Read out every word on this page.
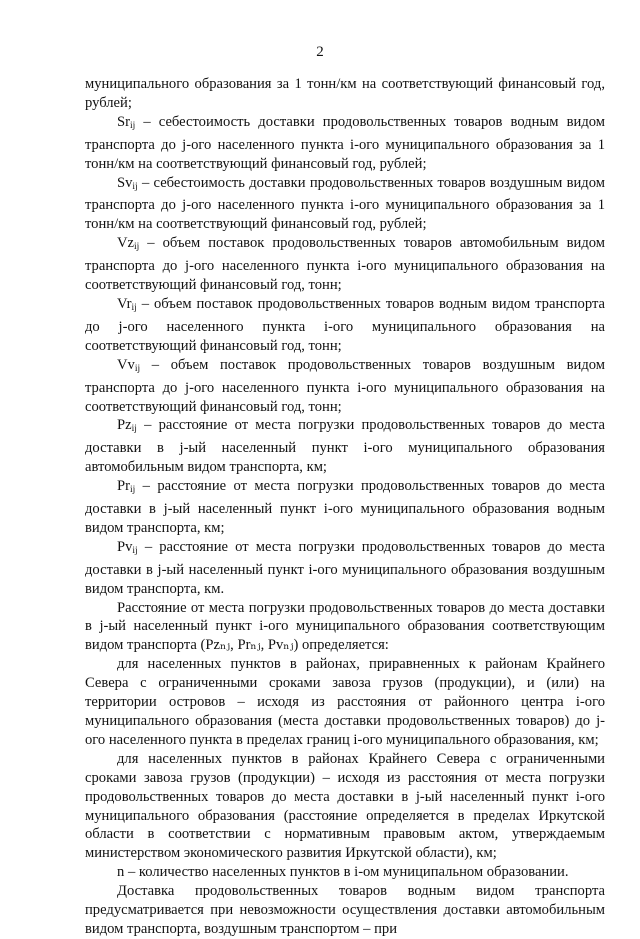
2

муниципального образования за 1 тонн/км на соответствующий финансовый год, рублей;

$Sr_{ij}$ – себестоимость доставки продовольственных товаров водным видом транспорта до j-ого населенного пункта i-ого муниципального образования за 1 тонн/км на соответствующий финансовый год, рублей;

$Sv_{ij}$ – себестоимость доставки продовольственных товаров воздушным видом транспорта до j-ого населенного пункта i-ого муниципального образования за 1 тонн/км на соответствующий финансовый год, рублей;

$Vz_{ij}$ – объем поставок продовольственных товаров автомобильным видом транспорта до j-ого населенного пункта i-ого муниципального образования на соответствующий финансовый год, тонн;

$Vr_{ij}$ – объем поставок продовольственных товаров водным видом транспорта до j-ого населенного пункта i-ого муниципального образования на соответствующий финансовый год, тонн;

$Vv_{ij}$ – объем поставок продовольственных товаров воздушным видом транспорта до j-ого населенного пункта i-ого муниципального образования на соответствующий финансовый год, тонн;

$Pz_{ij}$ – расстояние от места погрузки продовольственных товаров до места доставки в j-ый населенный пункт i-ого муниципального образования автомобильным видом транспорта, км;

$Pr_{ij}$ – расстояние от места погрузки продовольственных товаров до места доставки в j-ый населенный пункт i-ого муниципального образования водным видом транспорта, км;

$Pv_{ij}$ – расстояние от места погрузки продовольственных товаров до места доставки в j-ый населенный пункт i-ого муниципального образования воздушным видом транспорта, км.

Расстояние от места погрузки продовольственных товаров до места доставки в j-ый населенный пункт i-ого муниципального образования соответствующим видом транспорта (Pzₙⱼ, Prₙⱼ, Pvₙⱼ) определяется:

для населенных пунктов в районах, приравненных к районам Крайнего Севера с ограниченными сроками завоза грузов (продукции), и (или) на территории островов – исходя из расстояния от районного центра i-ого муниципального образования (места доставки продовольственных товаров) до j-ого населенного пункта в пределах границ i-ого муниципального образования, км;

для населенных пунктов в районах Крайнего Севера с ограниченными сроками завоза грузов (продукции) – исходя из расстояния от места погрузки продовольственных товаров до места доставки в j-ый населенный пункт i-ого муниципального образования (расстояние определяется в пределах Иркутской области в соответствии с нормативным правовым актом, утверждаемым министерством экономического развития Иркутской области), км;

n – количество населенных пунктов в i-ом муниципальном образовании.

Доставка продовольственных товаров водным видом транспорта предусматривается при невозможности осуществления доставки автомобильным видом транспорта, воздушным транспортом – при
